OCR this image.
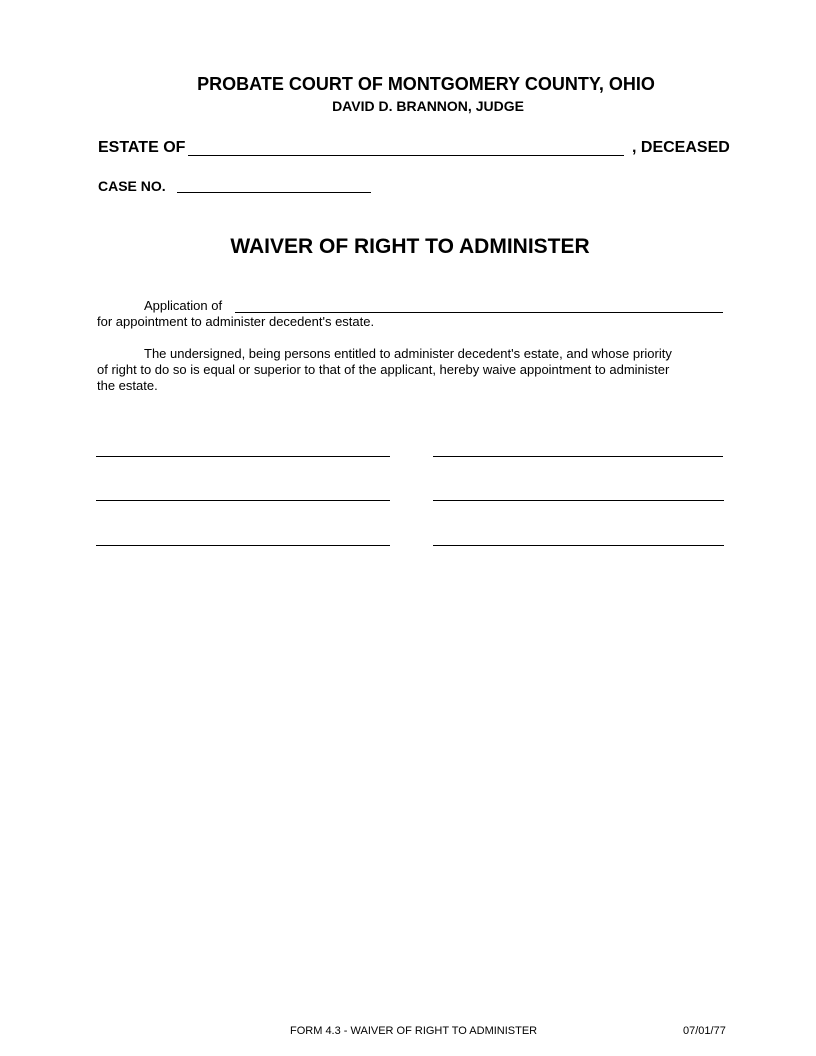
PROBATE COURT OF MONTGOMERY COUNTY, OHIO
DAVID D. BRANNON, JUDGE
ESTATE OF	, DECEASED
CASE NO.
WAIVER OF RIGHT TO ADMINISTER
Application of
for appointment to administer decedent's estate.
The undersigned, being persons entitled to administer decedent's estate, and whose priority
of right to do so is equal or superior to that of the applicant, hereby waive appointment to administer
the estate.
FORM 4.3 - WAIVER OF RIGHT TO ADMINISTER	07/01/77
